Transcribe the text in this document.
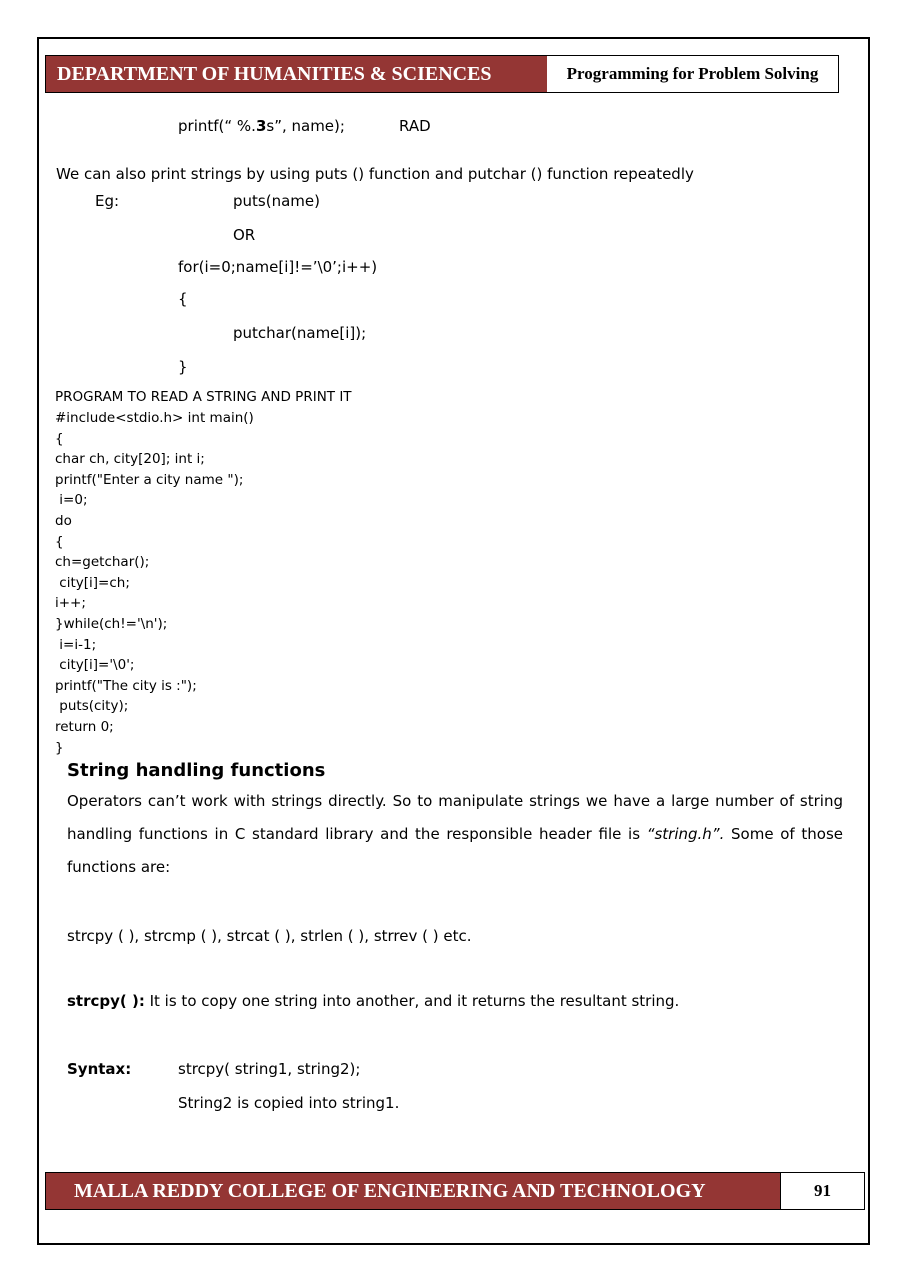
DEPARTMENT OF HUMANITIES & SCIENCES	Programming for Problem Solving
printf(“ %.3s”, name);	RAD
We can also print strings by using puts () function and putchar () function repeatedly
Eg:	puts(name)
OR
for(i=0;name[i]!=’\0’;i++)
{
putchar(name[i]);
}
PROGRAM TO READ A STRING AND PRINT IT
#include<stdio.h> int main()
{
char ch, city[20]; int i;
printf("Enter a city name ");
i=0;
do
{
ch=getchar();
city[i]=ch;
i++;
}while(ch!='\n');
i=i-1;
city[i]='\0';
printf("The city is :");
puts(city);
return 0;
}
String handling functions
Operators can’t work with strings directly. So to manipulate strings we have a large number of string handling functions in C standard library and the responsible header file is “string.h”. Some of those functions are:
strcpy ( ), strcmp ( ), strcat ( ), strlen ( ), strrev ( ) etc.
strcpy( ): It is to copy one string into another, and it returns the resultant string.
Syntax:	strcpy( string1, string2);
String2 is copied into string1.
MALLA REDDY COLLEGE OF ENGINEERING AND TECHNOLOGY	91
